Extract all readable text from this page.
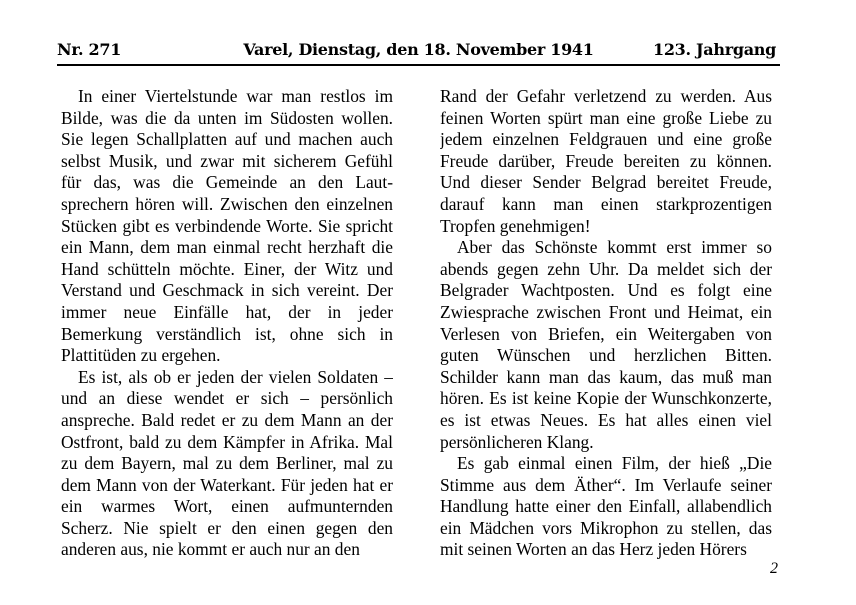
Nr. 271	Varel, Dienstag, den 18. November 1941	123. Jahrgang
In einer Viertelstunde war man restlos im
Bilde, was die da unten im Südosten wollen.
Sie legen Schallplatten auf und machen auch
selbst Musik, und zwar mit sicherem Gefühl
für das, was die Gemeinde an den Laut-
sprechern hören will. Zwischen den einzelnen
Stücken gibt es verbindende Worte. Sie spricht
ein Mann, dem man einmal recht herzhaft die
Hand schütteln möchte. Einer, der Witz und
Verstand und Geschmack in sich vereint. Der
immer neue Einfälle hat, der in jeder
Bemerkung verständlich ist, ohne sich in
Plattitüden zu ergehen.
Es ist, als ob er jeden der vielen Soldaten –
und an diese wendet er sich – persönlich
anspreche. Bald redet er zu dem Mann an der
Ostfront, bald zu dem Kämpfer in Afrika. Mal
zu dem Bayern, mal zu dem Berliner, mal zu
dem Mann von der Waterkant. Für jeden hat er
ein warmes Wort, einen aufmunternden
Scherz. Nie spielt er den einen gegen den
anderen aus, nie kommt er auch nur an den
Rand der Gefahr verletzend zu werden. Aus
feinen Worten spürt man eine große Liebe zu
jedem einzelnen Feldgrauen und eine große
Freude darüber, Freude bereiten zu können.
Und dieser Sender Belgrad bereitet Freude,
darauf kann man einen starkprozentigen
Tropfen genehmigen!
Aber das Schönste kommt erst immer so
abends gegen zehn Uhr. Da meldet sich der
Belgrader Wachtposten. Und es folgt eine
Zwiesprache zwischen Front und Heimat, ein
Verlesen von Briefen, ein Weitergaben von
guten Wünschen und herzlichen Bitten.
Schilder kann man das kaum, das muß man
hören. Es ist keine Kopie der Wunschkonzerte,
es ist etwas Neues. Es hat alles einen viel
persönlicheren Klang.
Es gab einmal einen Film, der hieß „Die
Stimme aus dem Äther“. Im Verlaufe seiner
Handlung hatte einer den Einfall, allabendlich
ein Mädchen vors Mikrophon zu stellen, das
mit seinen Worten an das Herz jeden Hörers
2
